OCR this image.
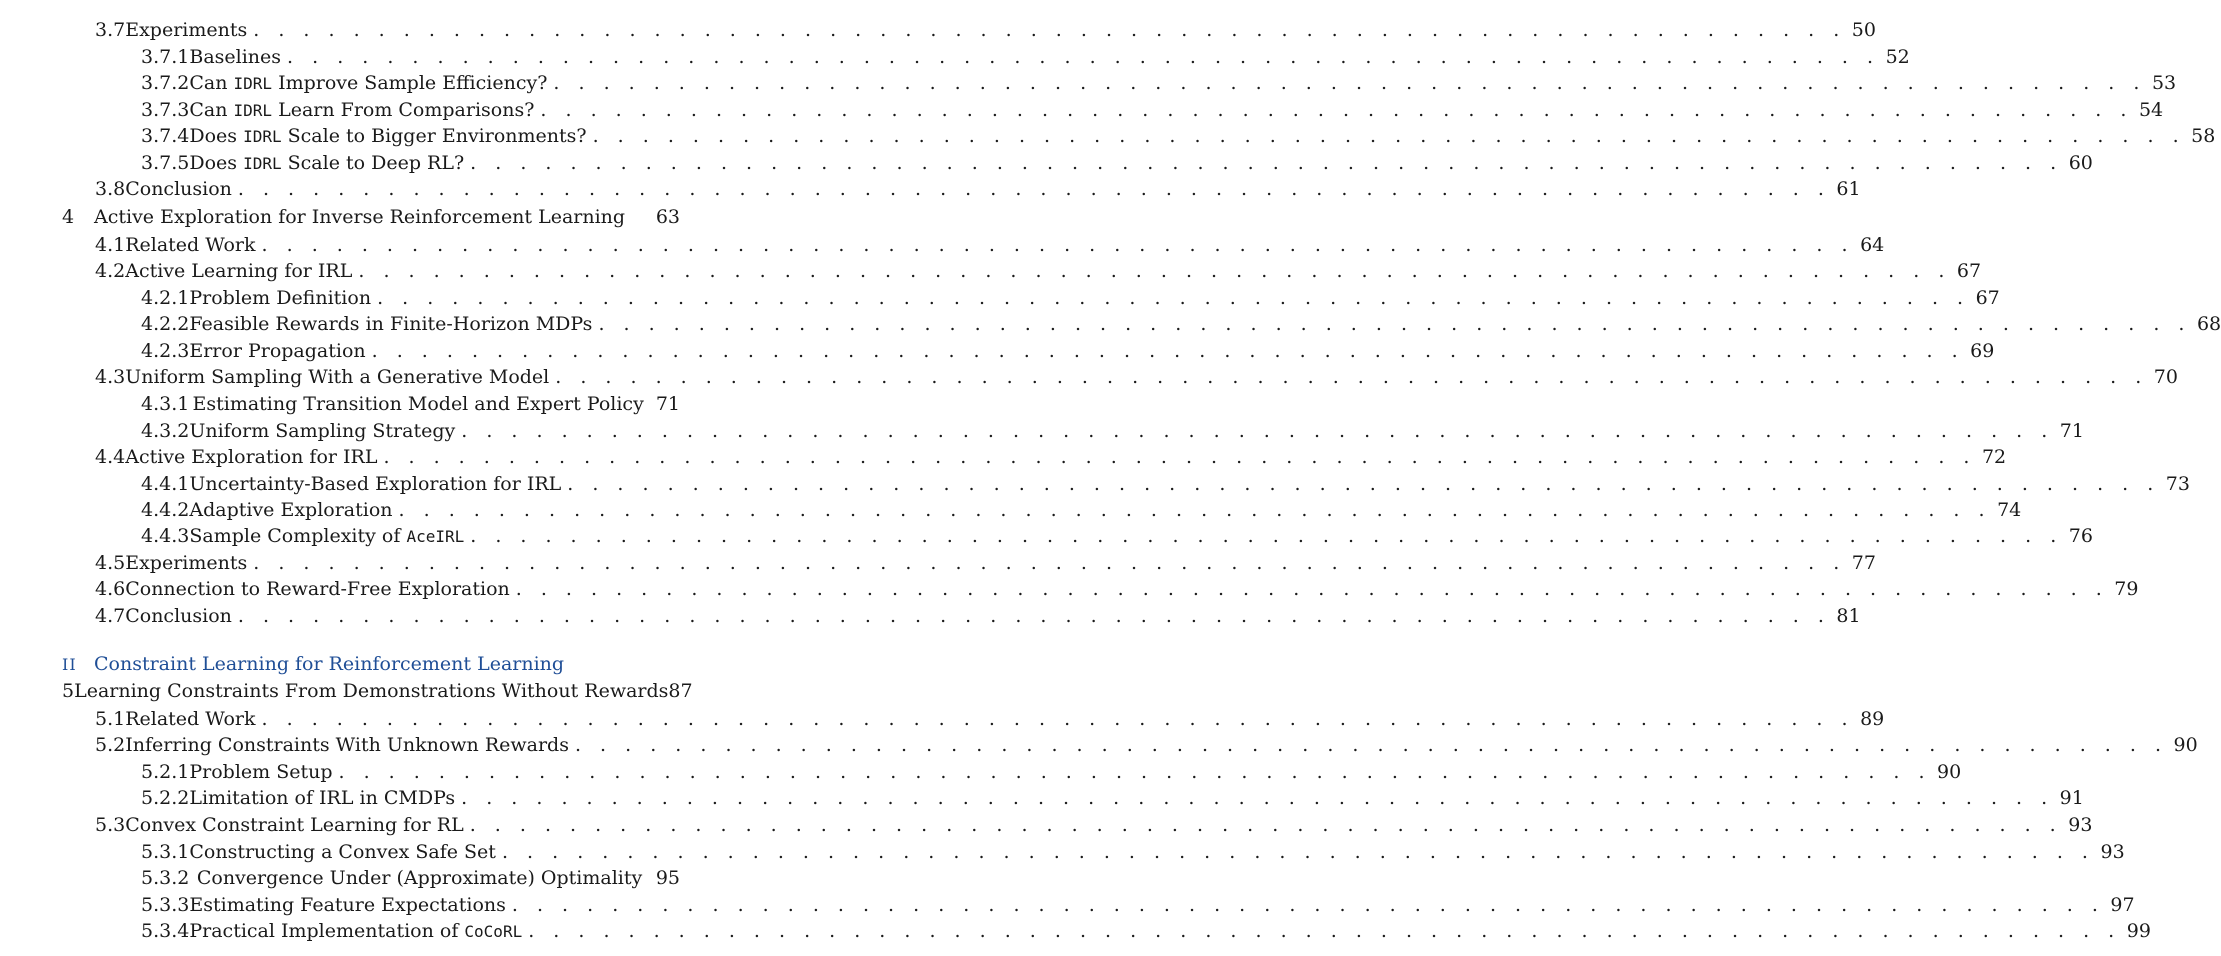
3.7 Experiments . . . . . . . . . . . . . . . . . . . . . . . . . . . . . . . . . . . . . . . . . . . . . . . . . . . . . . . . . . . . . . . . 50
3.7.1 Baselines . . . . . . . . . . . . . . . . . . . . . . . . . . . . . . . . . . . . . . . . . . . . . . . . . . . . . . . . . . . . . . . . 52
3.7.2 Can IDRL Improve Sample Efficiency? . . . . . . . . . . . . . . . . . . . . . . . . . . . . . . . . . . . . . . . . . . . . . . . . . . . . . . . . . . . . . . . . 53
3.7.3 Can IDRL Learn From Comparisons? . . . . . . . . . . . . . . . . . . . . . . . . . . . . . . . . . . . . . . . . . . . . . . . . . . . . . . . . . . . . . . . . 54
3.7.4 Does IDRL Scale to Bigger Environments? . . . . . . . . . . . . . . . . . . . . . . . . . . . . . . . . . . . . . . . . . . . . . . . . . . . . . . . . . . . . . . . . 58
3.7.5 Does IDRL Scale to Deep RL? . . . . . . . . . . . . . . . . . . . . . . . . . . . . . . . . . . . . . . . . . . . . . . . . . . . . . . . . . . . . . . . . 60
3.8 Conclusion . . . . . . . . . . . . . . . . . . . . . . . . . . . . . . . . . . . . . . . . . . . . . . . . . . . . . . . . . . . . . . . . 61
4	Active Exploration for Inverse Reinforcement Learning	63
4.1 Related Work . . . . . . . . . . . . . . . . . . . . . . . . . . . . . . . . . . . . . . . . . . . . . . . . . . . . . . . . . . . . . . . . 64
4.2 Active Learning for IRL . . . . . . . . . . . . . . . . . . . . . . . . . . . . . . . . . . . . . . . . . . . . . . . . . . . . . . . . . . . . . . . . 67
4.2.1 Problem Definition . . . . . . . . . . . . . . . . . . . . . . . . . . . . . . . . . . . . . . . . . . . . . . . . . . . . . . . . . . . . . . . . 67
4.2.2 Feasible Rewards in Finite-Horizon MDPs . . . . . . . . . . . . . . . . . . . . . . . . . . . . . . . . . . . . . . . . . . . . . . . . . . . . . . . . . . . . . . . . 68
4.2.3 Error Propagation . . . . . . . . . . . . . . . . . . . . . . . . . . . . . . . . . . . . . . . . . . . . . . . . . . . . . . . . . . . . . . . . 69
4.3 Uniform Sampling With a Generative Model . . . . . . . . . . . . . . . . . . . . . . . . . . . . . . . . . . . . . . . . . . . . . . . . . . . . . . . . . . . . . . . . 70
4.3.1 Estimating Transition Model and Expert Policy 71
4.3.2 Uniform Sampling Strategy . . . . . . . . . . . . . . . . . . . . . . . . . . . . . . . . . . . . . . . . . . . . . . . . . . . . . . . . . . . . . . . . 71
4.4 Active Exploration for IRL . . . . . . . . . . . . . . . . . . . . . . . . . . . . . . . . . . . . . . . . . . . . . . . . . . . . . . . . . . . . . . . . 72
4.4.1 Uncertainty-Based Exploration for IRL . . . . . . . . . . . . . . . . . . . . . . . . . . . . . . . . . . . . . . . . . . . . . . . . . . . . . . . . . . . . . . . . 73
4.4.2 Adaptive Exploration . . . . . . . . . . . . . . . . . . . . . . . . . . . . . . . . . . . . . . . . . . . . . . . . . . . . . . . . . . . . . . . . 74
4.4.3 Sample Complexity of AceIRL . . . . . . . . . . . . . . . . . . . . . . . . . . . . . . . . . . . . . . . . . . . . . . . . . . . . . . . . . . . . . . . . 76
4.5 Experiments . . . . . . . . . . . . . . . . . . . . . . . . . . . . . . . . . . . . . . . . . . . . . . . . . . . . . . . . . . . . . . . . 77
4.6 Connection to Reward-Free Exploration . . . . . . . . . . . . . . . . . . . . . . . . . . . . . . . . . . . . . . . . . . . . . . . . . . . . . . . . . . . . . . . . 79
4.7 Conclusion . . . . . . . . . . . . . . . . . . . . . . . . . . . . . . . . . . . . . . . . . . . . . . . . . . . . . . . . . . . . . . . . 81
II Constraint Learning for Reinforcement Learning
5 Learning Constraints From Demonstrations Without Rewards 87
5.1 Related Work . . . . . . . . . . . . . . . . . . . . . . . . . . . . . . . . . . . . . . . . . . . . . . . . . . . . . . . . . . . . . . . . 89
5.2 Inferring Constraints With Unknown Rewards . . . . . . . . . . . . . . . . . . . . . . . . . . . . . . . . . . . . . . . . . . . . . . . . . . . . . . . . . . . . . . . . 90
5.2.1 Problem Setup . . . . . . . . . . . . . . . . . . . . . . . . . . . . . . . . . . . . . . . . . . . . . . . . . . . . . . . . . . . . . . . . 90
5.2.2 Limitation of IRL in CMDPs . . . . . . . . . . . . . . . . . . . . . . . . . . . . . . . . . . . . . . . . . . . . . . . . . . . . . . . . . . . . . . . . 91
5.3 Convex Constraint Learning for RL . . . . . . . . . . . . . . . . . . . . . . . . . . . . . . . . . . . . . . . . . . . . . . . . . . . . . . . . . . . . . . . . 93
5.3.1 Constructing a Convex Safe Set . . . . . . . . . . . . . . . . . . . . . . . . . . . . . . . . . . . . . . . . . . . . . . . . . . . . . . . . . . . . . . . . 93
5.3.2 Convergence Under (Approximate) Optimality 95
5.3.3 Estimating Feature Expectations . . . . . . . . . . . . . . . . . . . . . . . . . . . . . . . . . . . . . . . . . . . . . . . . . . . . . . . . . . . . . . . . 97
5.3.4 Practical Implementation of CoCoRL . . . . . . . . . . . . . . . . . . . . . . . . . . . . . . . . . . . . . . . . . . . . . . . . . . . . . . . . . . . . . . . . 99
